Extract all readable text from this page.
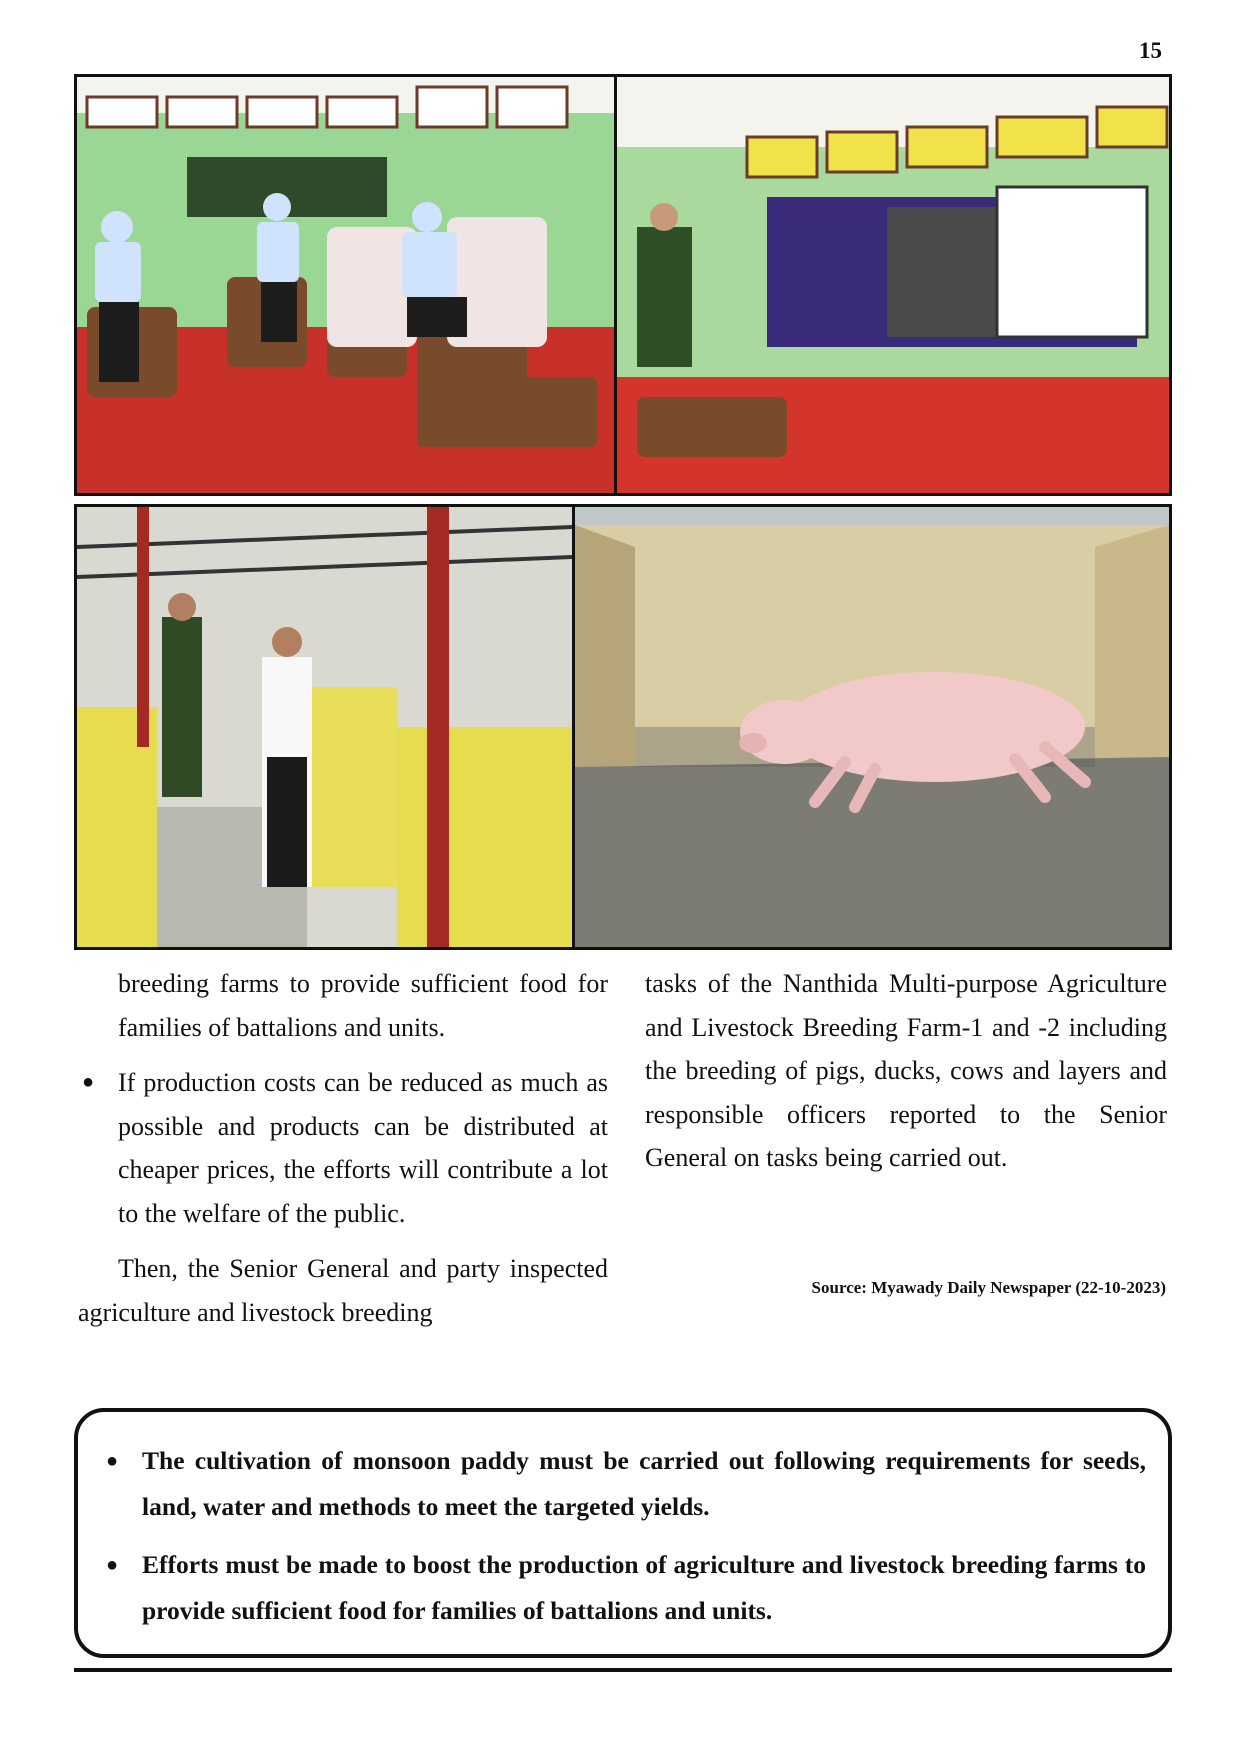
15

breeding farms to provide sufficient food for families of battalions and units.

● If production costs can be reduced as much as possible and products can be distributed at cheaper prices, the efforts will contribute a lot to the welfare of the public.

Then, the Senior General and party inspected agriculture and livestock breeding

tasks of the Nanthida Multi-purpose Agriculture and Livestock Breeding Farm-1 and -2 including the breeding of pigs, ducks, cows and layers and responsible officers reported to the Senior General on tasks being carried out.

Source: Myawady Daily Newspaper (22-10-2023)
● The cultivation of monsoon paddy must be carried out following requirements for seeds, land, water and methods to meet the targeted yields.
● Efforts must be made to boost the production of agriculture and livestock breeding farms to provide sufficient food for families of battalions and units.
